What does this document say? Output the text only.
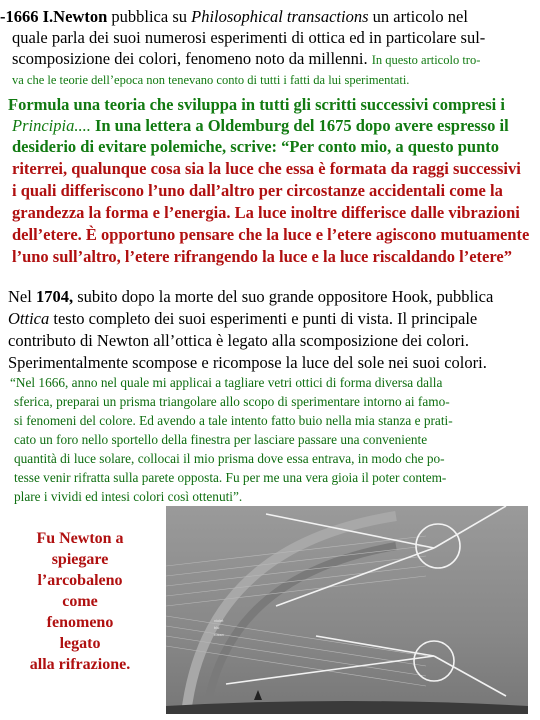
-1666 I.Newton pubblica su Philosophical transactions un articolo nel
quale parla dei suoi numerosi esperimenti di ottica ed in particolare sul-
scomposizione dei colori, fenomeno noto da millenni. In questo articolo tro-
va che le teorie dell’epoca non tenevano conto di tutti i fatti da lui sperimentati.
Formula una teoria che sviluppa in tutti gli scritti successivi compresi i
Principia.... In una lettera a Oldemburg del 1675 dopo avere espresso il
desiderio di evitare polemiche, scrive: “Per conto mio, a questo punto
riterrei, qualunque cosa sia la luce che essa è formata da raggi successivi
i quali differiscono l’uno dall’altro per circostanze accidentali come la
grandezza la forma e l’energia. La luce inoltre differisce dalle vibrazioni
dell’etere. È opportuno pensare che la luce e l’etere agiscono mutuamente
l’uno sull’altro, l’etere rifrangendo la luce e la luce riscaldando l’etere”
Nel 1704, subito dopo la morte del suo grande oppositore Hook, pubblica
Ottica testo completo dei suoi esperimenti e punti di vista. Il principale
contributo di Newton all’ottica è legato alla scomposizione dei colori.
Sperimentalmente scompose e ricompose la luce del sole nei suoi colori.
“Nel 1666, anno nel quale mi applicai a tagliare vetri ottici di forma diversa dalla
sferica, preparai un prisma triangolare allo scopo di sperimentare intorno ai famo-
si fenomeni del colore. Ed avendo a tale intento fatto buio nella mia stanza e prati-
cato un foro nello sportello della finestra per lasciare passare una conveniente
quantità di luce solare, collocai il mio prisma dove essa entrava, in modo che po-
tesse venir rifratta sulla parete opposta. Fu per me una vera gioia il poter contem-
plare i vividi ed intesi colori così ottenuti”.
Fu Newton a
spiegare
l’arcobaleno
come
fenomeno
legato
alla rifrazione.
violet
blu
rosso
